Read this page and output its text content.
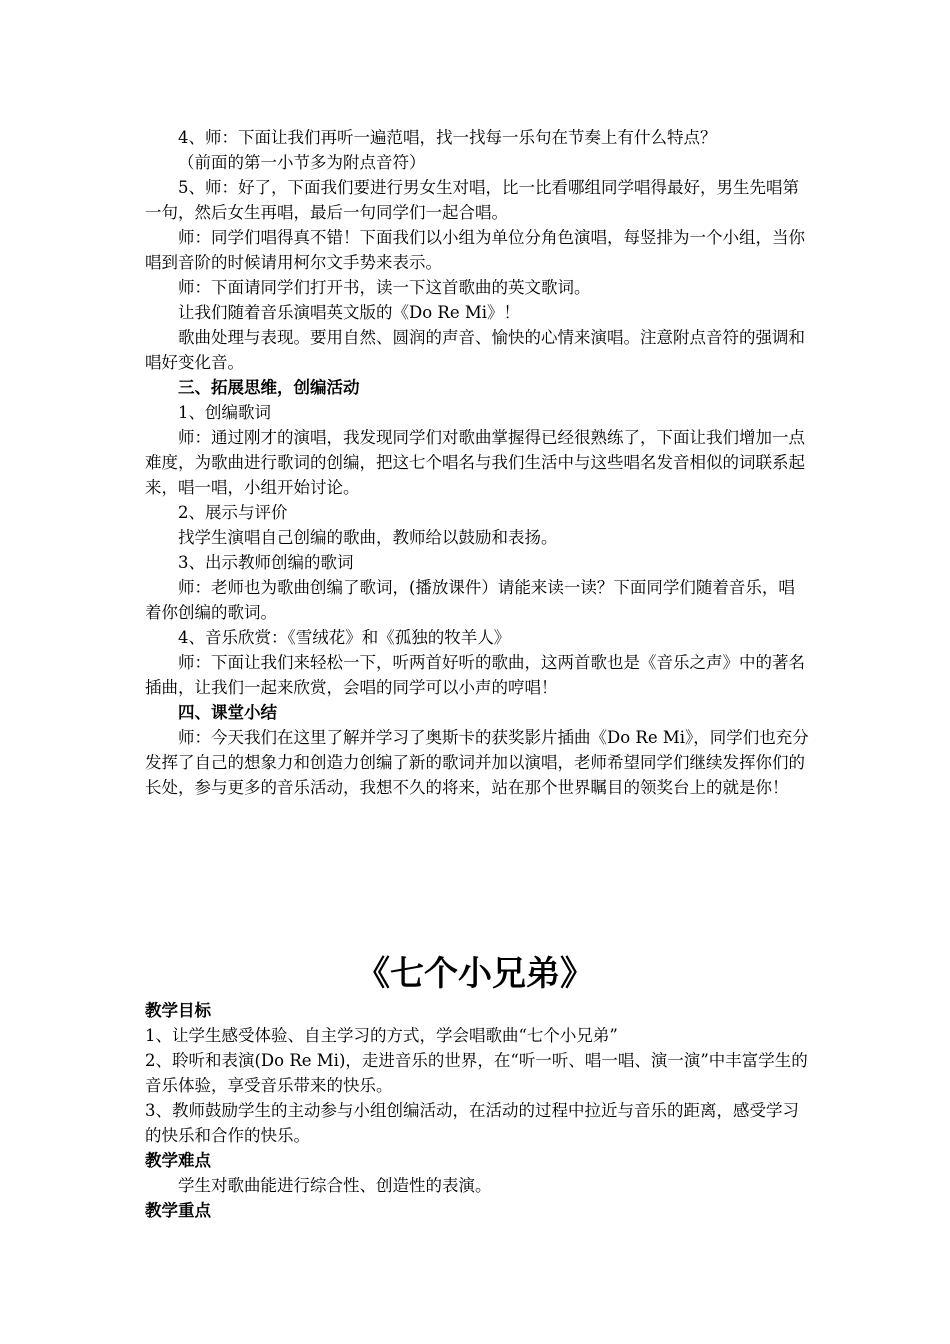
4、师：下面让我们再听一遍范唱，找一找每一乐句在节奏上有什么特点？

（前面的第一小节多为附点音符）

5、师：好了，下面我们要进行男女生对唱，比一比看哪组同学唱得最好，男生先唱第一句，然后女生再唱，最后一句同学们一起合唱。

师：同学们唱得真不错！下面我们以小组为单位分角色演唱，每竖排为一个小组，当你唱到音阶的时候请用柯尔文手势来表示。

师：下面请同学们打开书，读一下这首歌曲的英文歌词。

让我们随着音乐演唱英文版的《Do Re Mi》！

歌曲处理与表现。要用自然、圆润的声音、愉快的心情来演唱。注意附点音符的强调和唱好变化音。

三、拓展思维，创编活动

1、创编歌词

师：通过刚才的演唱，我发现同学们对歌曲掌握得已经很熟练了，下面让我们增加一点难度，为歌曲进行歌词的创编，把这七个唱名与我们生活中与这些唱名发音相似的词联系起来，唱一唱，小组开始讨论。

2、展示与评价

找学生演唱自己创编的歌曲，教师给以鼓励和表扬。

3、出示教师创编的歌词

师：老师也为歌曲创编了歌词，(播放课件）请能来读一读？下面同学们随着音乐，唱着你创编的歌词。

4、音乐欣赏：《雪绒花》和《孤独的牧羊人》

师：下面让我们来轻松一下，听两首好听的歌曲，这两首歌也是《音乐之声》中的著名插曲，让我们一起来欣赏，会唱的同学可以小声的哼唱！

四、课堂小结

师：今天我们在这里了解并学习了奥斯卡的获奖影片插曲《Do Re Mi》，同学们也充分发挥了自己的想象力和创造力创编了新的歌词并加以演唱，老师希望同学们继续发挥你们的长处，参与更多的音乐活动，我想不久的将来，站在那个世界瞩目的领奖台上的就是你！

《七个小兄弟》

教学目标

1、让学生感受体验、自主学习的方式，学会唱歌曲“七个小兄弟”

2、聆听和表演(Do Re Mi)，走进音乐的世界，在“听一听、唱一唱、演一演”中丰富学生的音乐体验，享受音乐带来的快乐。

3、教师鼓励学生的主动参与小组创编活动，在活动的过程中拉近与音乐的距离，感受学习的快乐和合作的快乐。

教学难点

学生对歌曲能进行综合性、创造性的表演。

教学重点
